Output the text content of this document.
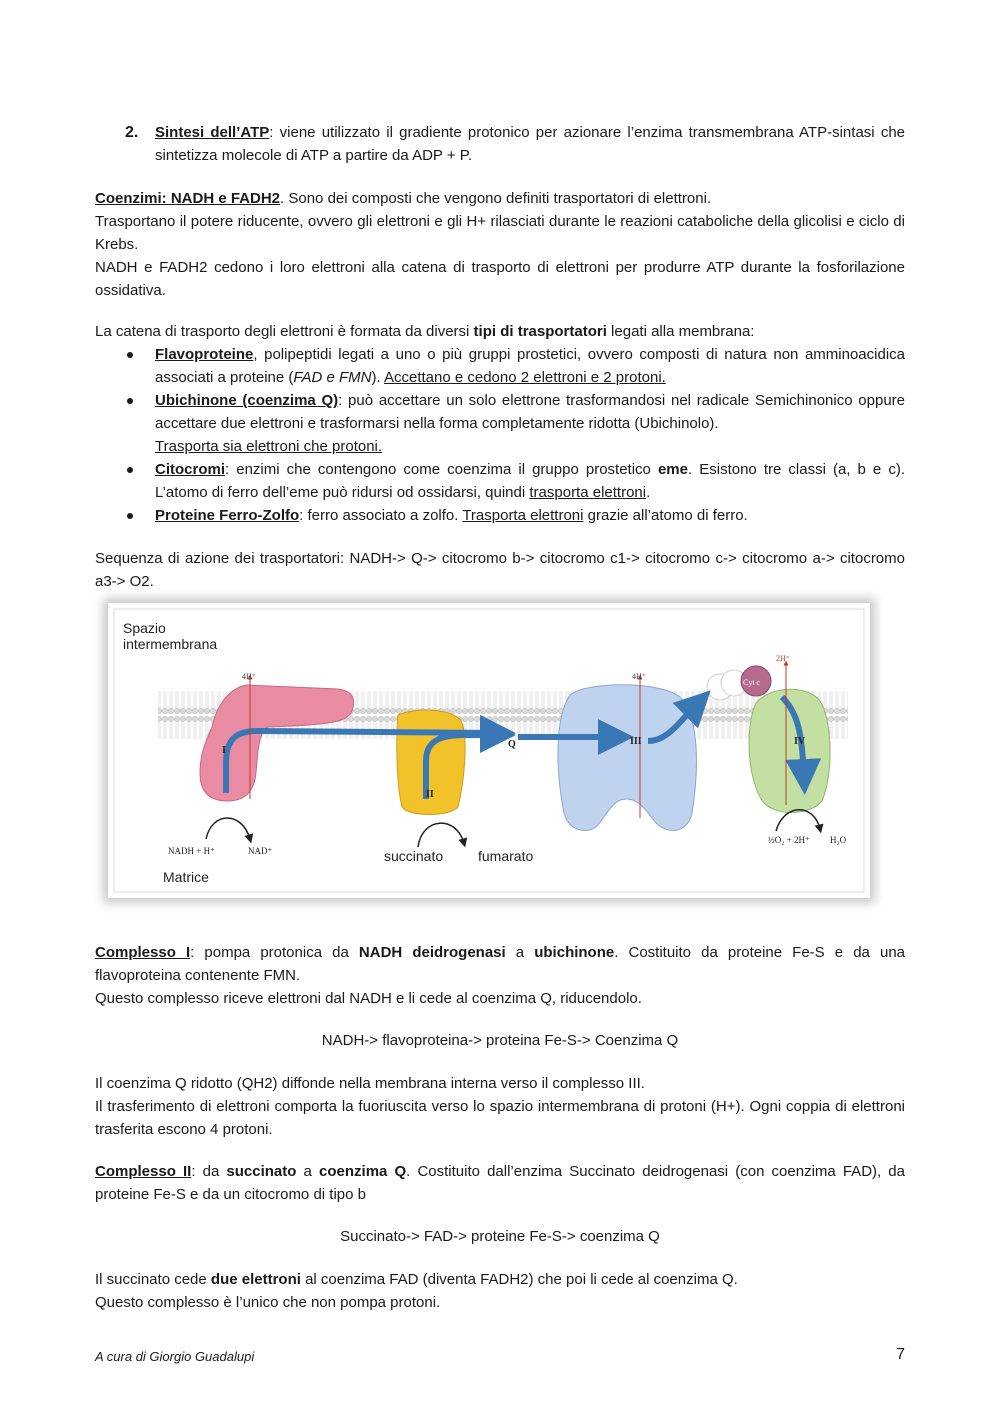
2. Sintesi dell’ATP: viene utilizzato il gradiente protonico per azionare l’enzima transmembrana ATP-sintasi che sintetizza molecole di ATP a partire da ADP + P.
Coenzimi: NADH e FADH2. Sono dei composti che vengono definiti trasportatori di elettroni.
Trasportano il potere riducente, ovvero gli elettroni e gli H+ rilasciati durante le reazioni cataboliche della glicolisi e ciclo di Krebs.
NADH e FADH2 cedono i loro elettroni alla catena di trasporto di elettroni per produrre ATP durante la fosforilazione ossidativa.
La catena di trasporto degli elettroni è formata da diversi tipi di trasportatori legati alla membrana:
Flavoproteine, polipeptidi legati a uno o più gruppi prostetici, ovvero composti di natura non amminoacidica associati a proteine (FAD e FMN). Accettano e cedono 2 elettroni e 2 protoni.
Ubichinone (coenzima Q): può accettare un solo elettrone trasformandosi nel radicale Semichinonico oppure accettare due elettroni e trasformarsi nella forma completamente ridotta (Ubichinolo).
Trasporta sia elettroni che protoni.
Citocromi: enzimi che contengono come coenzima il gruppo prostetico eme. Esistono tre classi (a, b e c). L’atomo di ferro dell’eme può ridursi od ossidarsi, quindi trasporta elettroni.
Proteine Ferro-Zolfo: ferro associato a zolfo. Trasporta elettroni grazie all’atomo di ferro.
Sequenza di azione dei trasportatori: NADH-> Q-> citocromo b-> citocromo c1-> citocromo c-> citocromo a-> citocromo a3-> O2.
Spazio
intermembrana
Matrice
4H⁺	4H⁺
2H⁺
I
II
III	IV
Q
Cyt c
NADH + H⁺	NAD⁺	succinato fumarato
½O₂ + 2H⁺ H₂O
Complesso I: pompa protonica da NADH deidrogenasi a ubichinone. Costituito da proteine Fe-S e da una flavoproteina contenente FMN.
Questo complesso riceve elettroni dal NADH e li cede al coenzima Q, riducendolo.
NADH-> flavoproteina-> proteina Fe-S-> Coenzima Q
Il coenzima Q ridotto (QH2) diffonde nella membrana interna verso il complesso III.
Il trasferimento di elettroni comporta la fuoriuscita verso lo spazio intermembrana di protoni (H+). Ogni coppia di elettroni trasferita escono 4 protoni.
Complesso II: da succinato a coenzima Q. Costituito dall’enzima Succinato deidrogenasi (con coenzima FAD), da proteine Fe-S e da un citocromo di tipo b
Succinato-> FAD-> proteine Fe-S-> coenzima Q
Il succinato cede due elettroni al coenzima FAD (diventa FADH2) che poi li cede al coenzima Q.
Questo complesso è l’unico che non pompa protoni.
A cura di Giorgio Guadalupi	7
